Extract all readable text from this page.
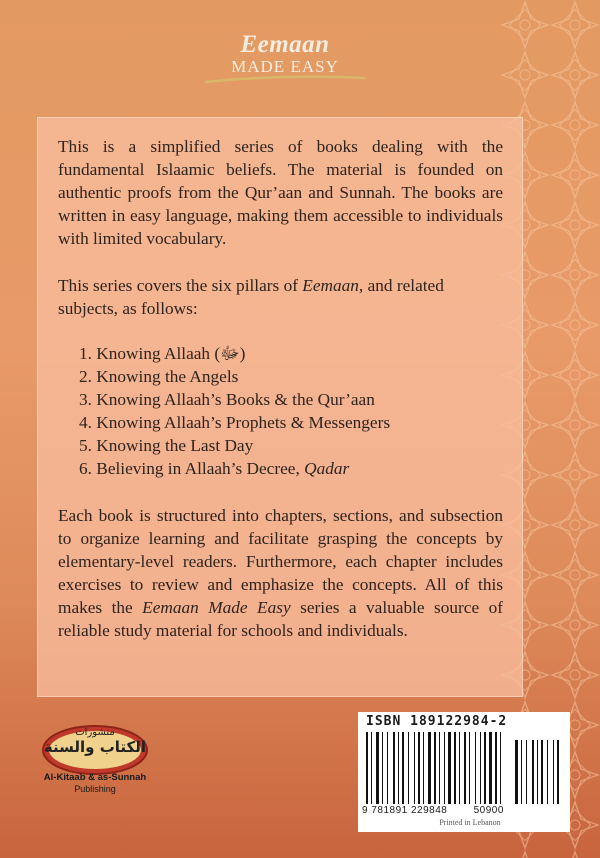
Eemaan
MADE EASY

This is a simplified series of books dealing with the fundamental Islaamic beliefs. The material is founded on authentic proofs from the Qur’aan and Sunnah. The books are written in easy language, making them accessible to individuals with limited vocabulary.

This series covers the six pillars of Eemaan, and related subjects, as follows:

1. Knowing Allaah (ﷻ)
2. Knowing the Angels
3. Knowing Allaah’s Books & the Qur’aan
4. Knowing Allaah’s Prophets & Messengers
5. Knowing the Last Day
6. Believing in Allaah’s Decree, Qadar

Each book is structured into chapters, sections, and subsection to organize learning and facilitate grasping the concepts by elementary-level readers. Furthermore, each chapter includes exercises to review and emphasize the concepts. All of this makes the Eemaan Made Easy series a valuable source of reliable study material for schools and individuals.

منشورات
الكتاب والسنة
Al-Kitaab & as-Sunnah
Publishing
ISBN 189122984-2
9 781891 229848	50900
Printed in Lebanon
